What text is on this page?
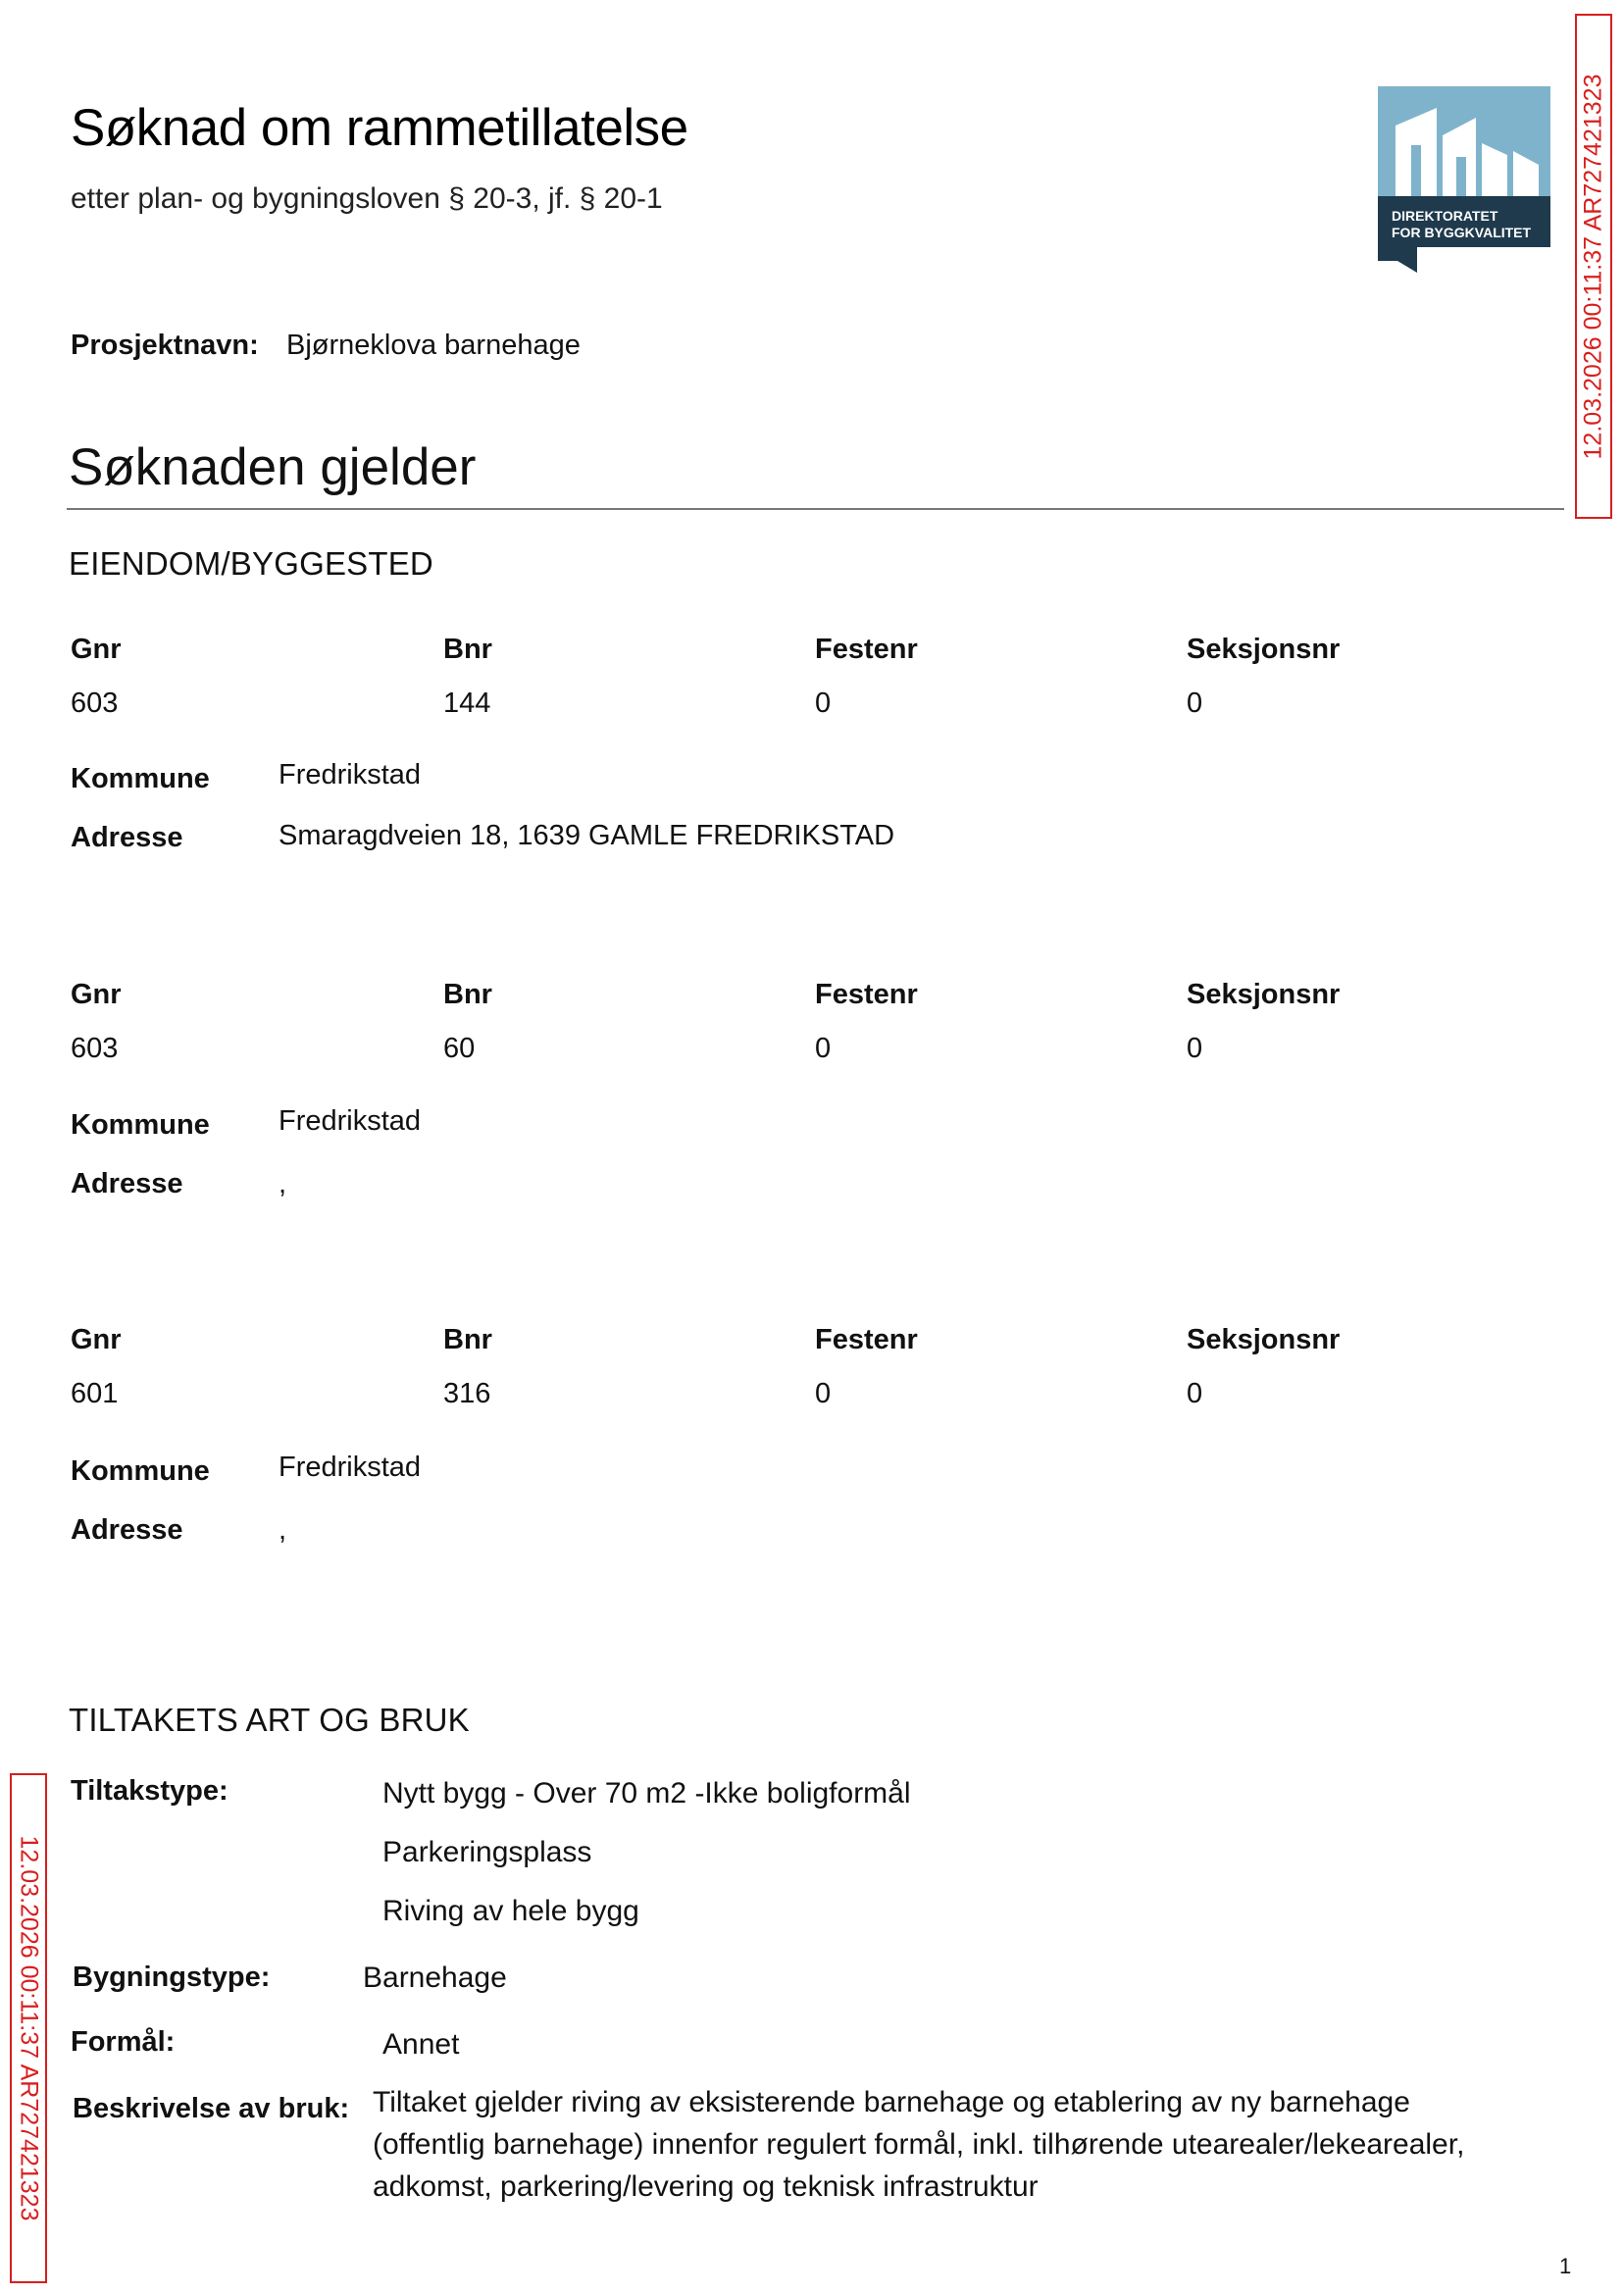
Søknad om rammetillatelse
etter plan- og bygningsloven § 20-3, jf. § 20-1
DIREKTORATET
FOR BYGGKVALITET 12.03.2026 00:11:37 AR727421323
Prosjektnavn: Bjørneklova barnehage
Søknaden gjelder
EIENDOM/BYGGESTED
Gnr	Bnr	Festenr	Seksjonsnr
603	144	0	0
Kommune Fredrikstad
Adresse	Smaragdveien 18, 1639 GAMLE FREDRIKSTAD
Gnr	Bnr	Festenr	Seksjonsnr
603	60	0	0
Kommune Fredrikstad
Adresse	,
Gnr	Bnr	Festenr	Seksjonsnr
601	316	0	0
Kommune Fredrikstad
Adresse	,
TILTAKETS ART OG BRUK
12.03.2026 00:11:37 AR727421323
Tiltakstype:	Nytt bygg - Over 70 m2 -Ikke boligformål
Parkeringsplass
Riving av hele bygg
Bygningstype:	Barnehage
Formål:	Annet
Beskrivelse av bruk: Tiltaket gjelder riving av eksisterende barnehage og etablering av ny barnehage (offentlig barnehage) innenfor regulert formål, inkl. tilhørende utearealer/lekearealer, adkomst, parkering/levering og teknisk infrastruktur
1
